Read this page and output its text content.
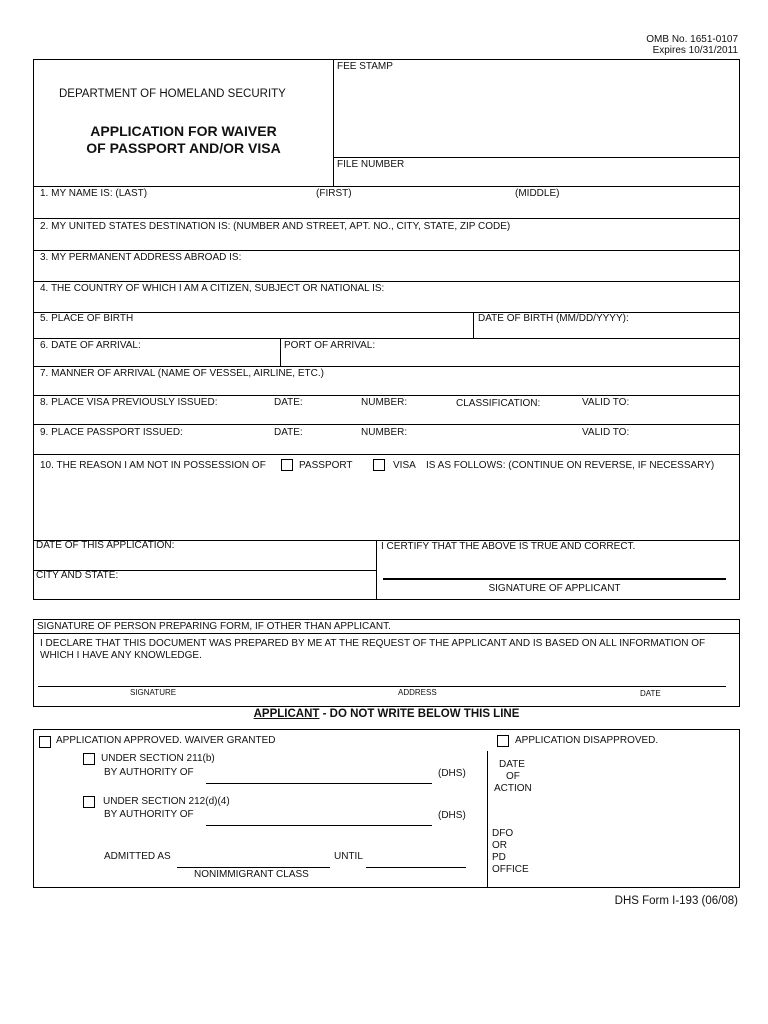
OMB No. 1651-0107
Expires 10/31/2011
DEPARTMENT OF HOMELAND SECURITY
APPLICATION FOR WAIVER
OF PASSPORT AND/OR VISA
FEE STAMP
FILE NUMBER
1. MY NAME IS: (LAST)	(FIRST)	(MIDDLE)
2. MY UNITED STATES DESTINATION IS: (NUMBER AND STREET, APT. NO., CITY, STATE, ZIP CODE)
3. MY PERMANENT ADDRESS ABROAD IS:
4. THE COUNTRY OF WHICH I AM A CITIZEN, SUBJECT OR NATIONAL IS:
5. PLACE OF BIRTH	DATE OF BIRTH (MM/DD/YYYY):
6. DATE OF ARRIVAL:	PORT OF ARRIVAL:
7. MANNER OF ARRIVAL (NAME OF VESSEL, AIRLINE, ETC.)
8. PLACE VISA PREVIOUSLY ISSUED:	DATE:	NUMBER:	CLASSIFICATION:	VALID TO:
9. PLACE PASSPORT ISSUED:	DATE:	NUMBER:	VALID TO:
10. THE REASON I AM NOT IN POSSESSION OF	PASSPORT	VISA IS AS FOLLOWS: (CONTINUE ON REVERSE, IF NECESSARY)
DATE OF THIS APPLICATION:
CITY AND STATE:
I CERTIFY THAT THE ABOVE IS TRUE AND CORRECT.
SIGNATURE OF APPLICANT
SIGNATURE OF PERSON PREPARING FORM, IF OTHER THAN APPLICANT.
I DECLARE THAT THIS DOCUMENT WAS PREPARED BY ME AT THE REQUEST OF THE APPLICANT AND IS BASED ON ALL INFORMATION OF
WHICH I HAVE ANY KNOWLEDGE.
SIGNATURE	ADDRESS	DATE
APPLICANT - DO NOT WRITE BELOW THIS LINE
APPLICATION APPROVED. WAIVER GRANTED	APPLICATION DISAPPROVED.
UNDER SECTION 211(b)
BY AUTHORITY OF	(DHS)
UNDER SECTION 212(d)(4)
BY AUTHORITY OF	(DHS)
ADMITTED AS	UNTIL
NONIMMIGRANT CLASS
DATE
OF
ACTION
DFO
OR
PD
OFFICE
DHS Form I-193 (06/08)
